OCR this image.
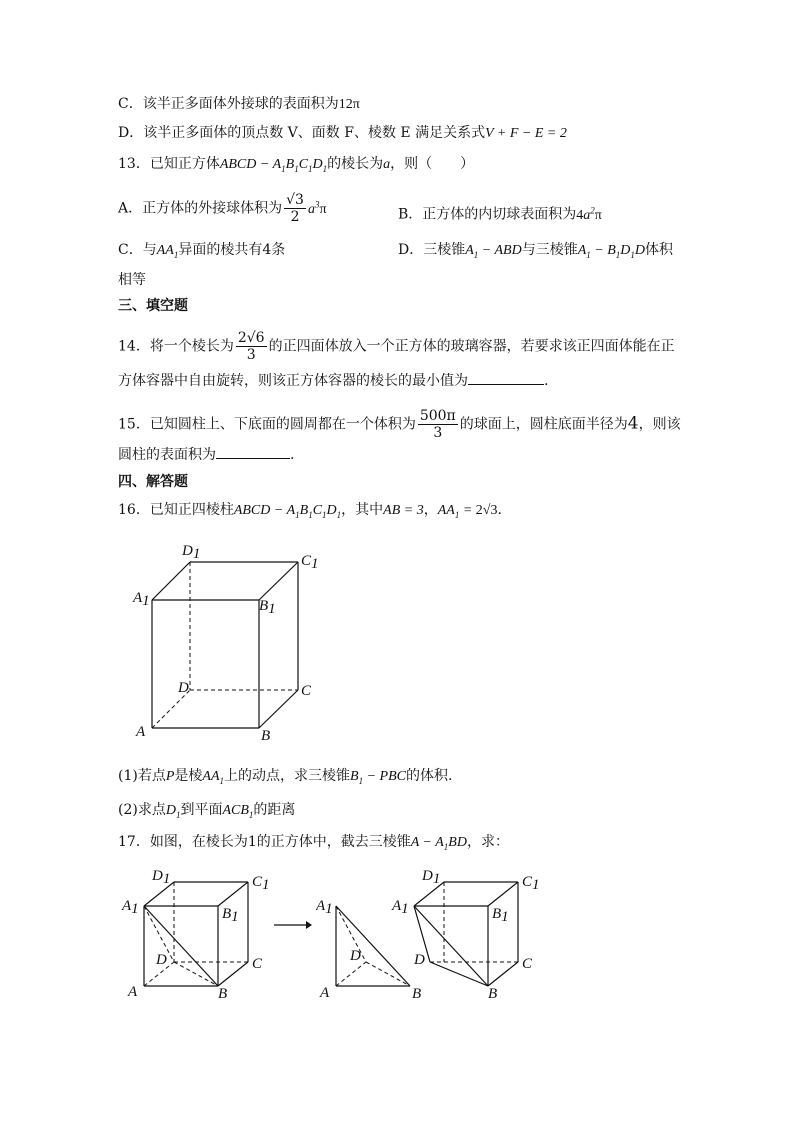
C．该半正多面体外接球的表面积为12π
D．该半正多面体的顶点数 V、面数 F、棱数 E 满足关系式V + F − E = 2
13．已知正方体ABCD − $A_1B_1C_1D_1$的棱长为a，则（　　）
A．正方体的外接球体积为 $\frac{√3}{2} a^3\pi$	B．正方体的内切球表面积为$4a^2\pi$
C．与$AA_1$异面的棱共有4条	D．三棱锥$A_1$ − ABD与三棱锥$A_1 - B_1D_1D$体积
相等
三、填空题
14．将一个棱长为 $\frac{2√6}{3}$ 的正四面体放入一个正方体的玻璃容器，若要求该正四面体能在正
方体容器中自由旋转，则该正方体容器的棱长的最小值为	.
15．已知圆柱上、下底面的圆周都在一个体积为 $\frac{500\pi}{3}$ 的球面上，圆柱底面半径为4，则该
圆柱的表面积为	.
四、解答题
16．已知正四棱柱ABCD − $A_1B_1C_1D_1$，其中AB = 3，$AA_1 = 2√3$.
D1	C1
A1	B1
D	C
A	B
(1)若点P是棱$AA_1$上的动点，求三棱锥$B_1$ − PBC的体积.
(2)求点$D_1$到平面$ACB_1$的距离
17．如图，在棱长为1的正方体中，截去三棱锥$A - A_1BD$，求：
D1	C1
A1	B1
D	C
A	B
A1
D
A	B
D1	C1
A1	B1
D	C
B
